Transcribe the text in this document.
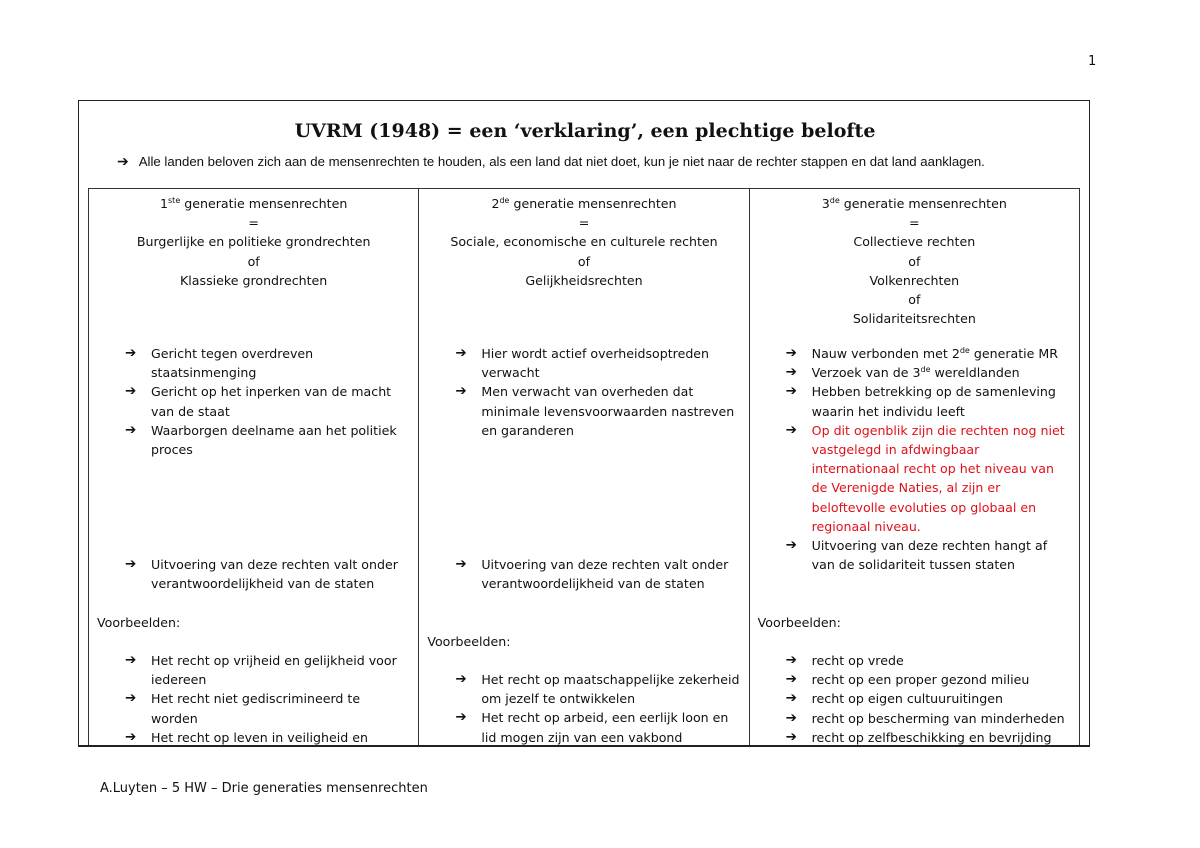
1
UVRM (1948) = een ‘verklaring’, een plechtige belofte
➔ Alle landen beloven zich aan de mensenrechten te houden, als een land dat niet doet, kun je niet naar de rechter stappen en dat land aanklagen.
1ste generatie mensenrechten
=
Burgerlijke en politieke grondrechten
of
Klassieke grondrechten
➔ Gericht tegen overdreven staatsinmenging
➔ Gericht op het inperken van de macht van de staat
➔ Waarborgen deelname aan het politiek proces
➔ Uitvoering van deze rechten valt onder verantwoordelijkheid van de staten
Voorbeelden:
➔ Het recht op vrijheid en gelijkheid voor iedereen
➔ Het recht niet gediscrimineerd te worden
➔ Het recht op leven in veiligheid en
2de generatie mensenrechten
=
Sociale, economische en culturele rechten
of
Gelijkheidsrechten
➔ Hier wordt actief overheidsoptreden verwacht
➔ Men verwacht van overheden dat minimale levensvoorwaarden nastreven en garanderen
➔ Uitvoering van deze rechten valt onder verantwoordelijkheid van de staten
Voorbeelden:
➔ Het recht op maatschappelijke zekerheid om jezelf te ontwikkelen
➔ Het recht op arbeid, een eerlijk loon en lid mogen zijn van een vakbond
3de generatie mensenrechten
=
Collectieve rechten
of
Volkenrechten
of
Solidariteitsrechten
➔ Nauw verbonden met 2de generatie MR
➔ Verzoek van de 3de wereldlanden
➔ Hebben betrekking op de samenleving waarin het individu leeft
➔ Op dit ogenblik zijn die rechten nog niet vastgelegd in afdwingbaar internationaal recht op het niveau van de Verenigde Naties, al zijn er beloftevolle evoluties op globaal en regionaal niveau.
➔ Uitvoering van deze rechten hangt af van de solidariteit tussen staten
Voorbeelden:
➔ recht op vrede
➔ recht op een proper gezond milieu
➔ recht op eigen cultuuruitingen
➔ recht op bescherming van minderheden
➔ recht op zelfbeschikking en bevrijding
A.Luyten – 5 HW – Drie generaties mensenrechten
